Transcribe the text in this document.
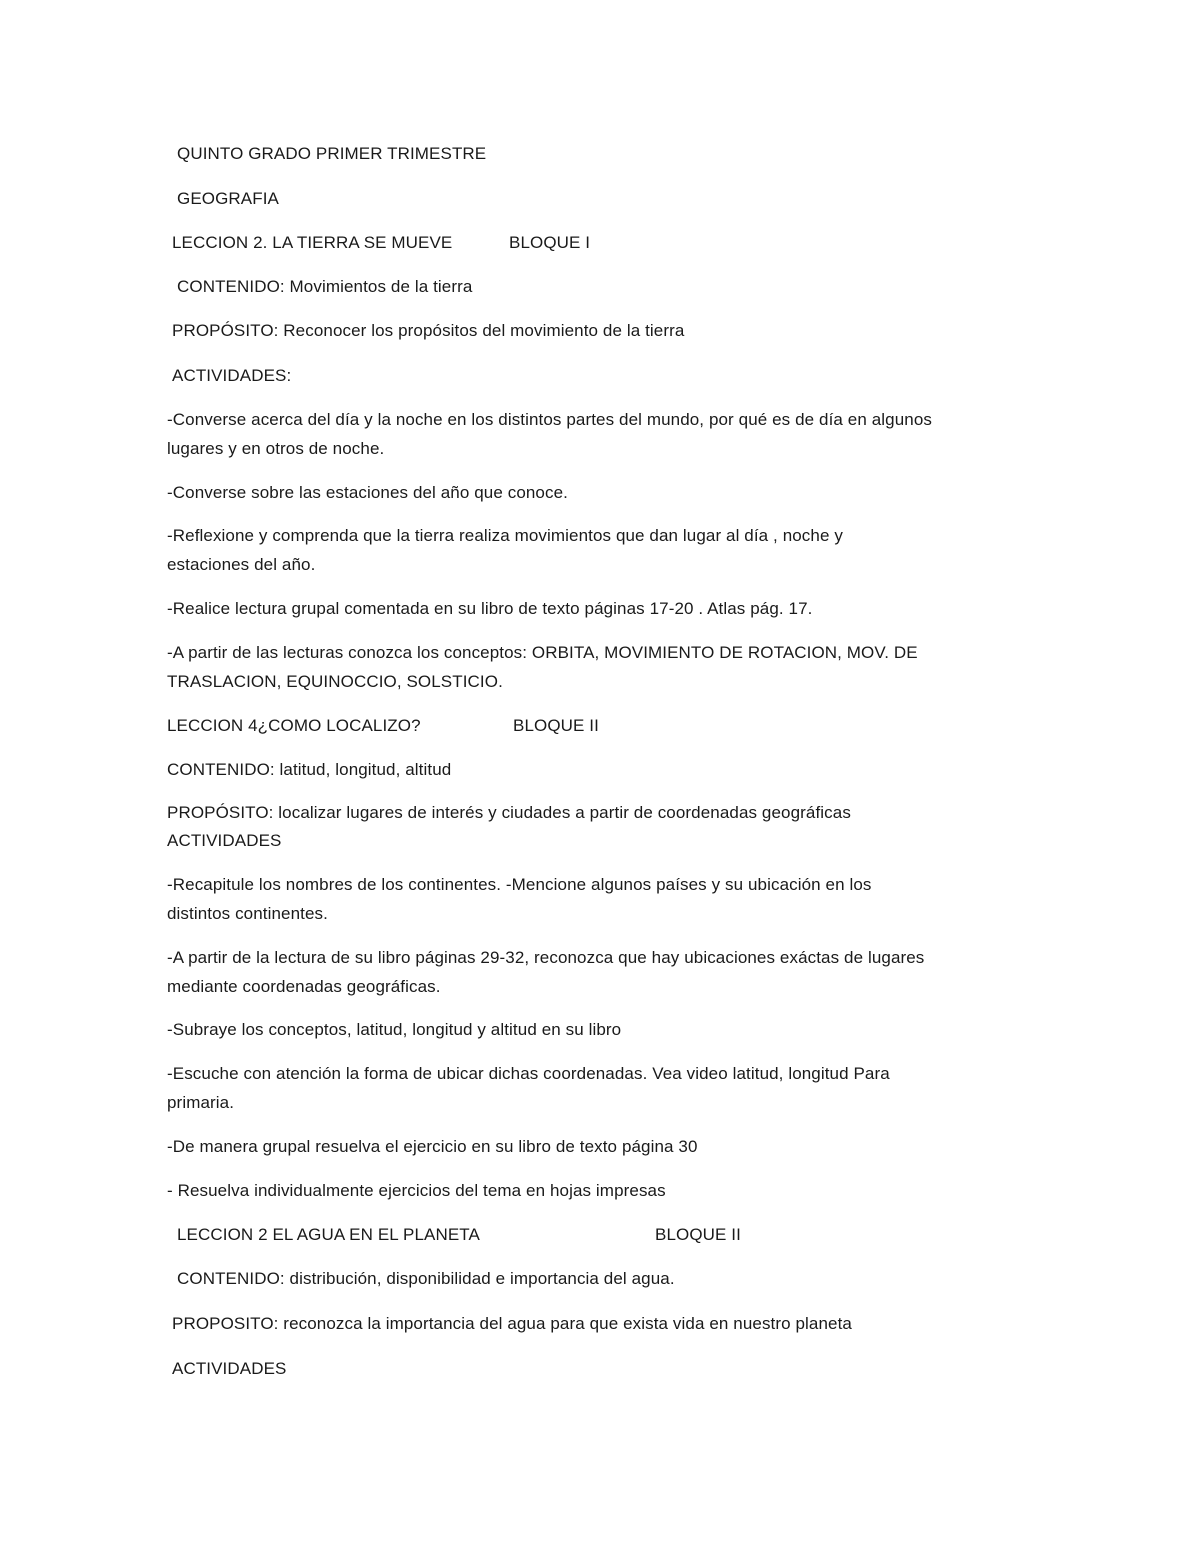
QUINTO GRADO PRIMER TRIMESTRE
GEOGRAFIA
LECCION 2. LA TIERRA SE MUEVE	BLOQUE I
CONTENIDO: Movimientos de la tierra
PROPÓSITO: Reconocer los propósitos del movimiento de la tierra
ACTIVIDADES:
-Converse acerca del día y la noche en los distintos partes del mundo, por qué es de día en algunos
lugares y en otros de noche.
-Converse sobre las estaciones del año que conoce.
-Reflexione y comprenda que la tierra realiza movimientos que dan lugar al día , noche y
estaciones del año.
-Realice lectura grupal comentada en su libro de texto páginas 17-20 . Atlas pág. 17.
-A partir de las lecturas conozca los conceptos: ORBITA, MOVIMIENTO DE ROTACION, MOV. DE
TRASLACION, EQUINOCCIO, SOLSTICIO.
LECCION 4¿COMO LOCALIZO?	BLOQUE II
CONTENIDO: latitud, longitud, altitud
PROPÓSITO: localizar lugares de interés y ciudades a partir de coordenadas geográficas
ACTIVIDADES
-Recapitule los nombres de los continentes. -Mencione algunos países y su ubicación en los
distintos continentes.
-A partir de la lectura de su libro páginas 29-32, reconozca que hay ubicaciones exáctas de lugares
mediante coordenadas geográficas.
-Subraye los conceptos, latitud, longitud y altitud en su libro
-Escuche con atención la forma de ubicar dichas coordenadas. Vea video latitud, longitud Para
primaria.
-De manera grupal resuelva el ejercicio en su libro de texto página 30
- Resuelva individualmente ejercicios del tema en hojas impresas
LECCION 2 EL AGUA EN EL PLANETA	BLOQUE II
CONTENIDO: distribución, disponibilidad e importancia del agua.
PROPOSITO: reconozca la importancia del agua para que exista vida en nuestro planeta
ACTIVIDADES
